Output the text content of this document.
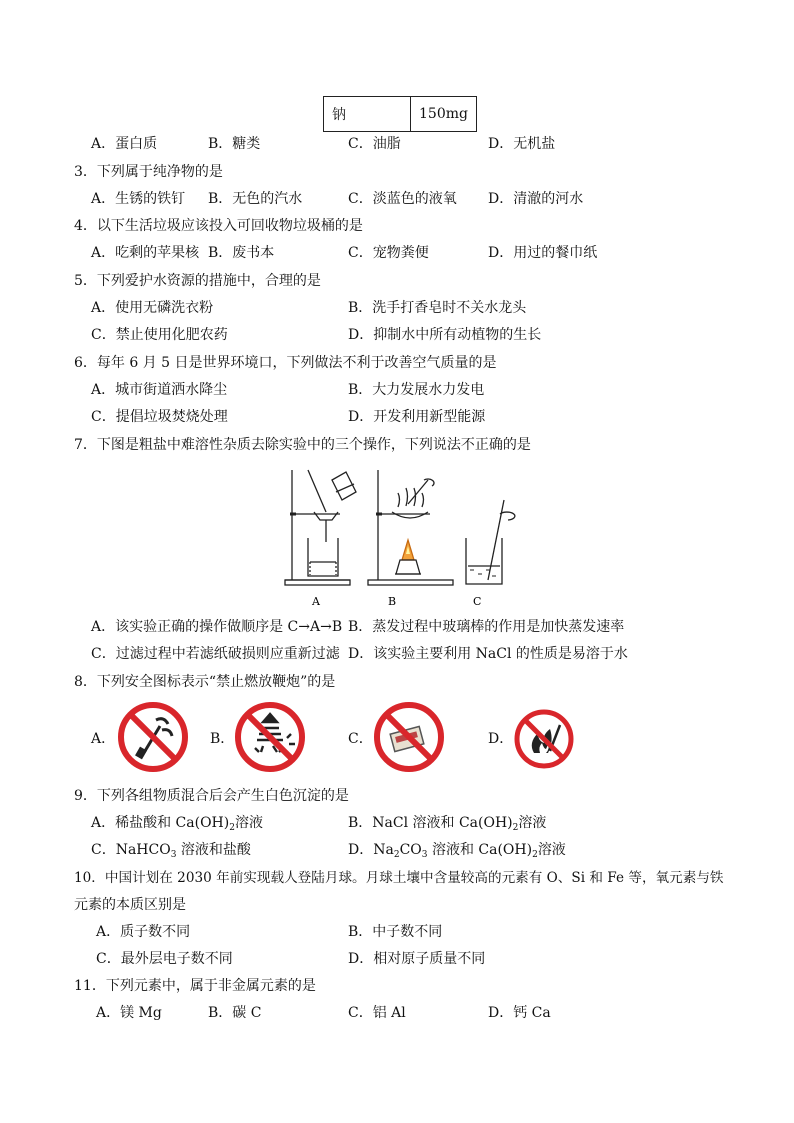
钠	150mg
A．蛋白质	B．糖类	C．油脂	D．无机盐
3．下列属于纯净物的是
A．生锈的铁钉 B．无色的汽水	C．淡蓝色的液氧 D．清澈的河水
4．以下生活垃圾应该投入可回收物垃圾桶的是
A．吃剩的苹果核 B．废书本	C．宠物粪便	D．用过的餐巾纸
5．下列爱护水资源的措施中，合理的是
A．使用无磷洗衣粉	B．洗手打香皂时不关水龙头
C．禁止使用化肥农药	D．抑制水中所有动植物的生长
6．每年 6 月 5 日是世界环境口，下列做法不利于改善空气质量的是
A．城市街道洒水降尘	B．大力发展水力发电
C．提倡垃圾焚烧处理	D．开发利用新型能源
7．下图是粗盐中难溶性杂质去除实验中的三个操作，下列说法不正确的是
A	B	C
A．该实验正确的操作做顺序是 C→A→B B．蒸发过程中玻璃棒的作用是加快蒸发速率
C．过滤过程中若滤纸破损则应重新过滤 D．该实验主要利用 NaCl 的性质是易溶于水
8．下列安全图标表示“禁止燃放鞭炮”的是
A．	B．	C．	D．
9．下列各组物质混合后会产生白色沉淀的是
A．稀盐酸和 $Ca(OH)_2$溶液	B．NaCl 溶液和 $Ca(OH)_2$溶液
C．NaHCO$_3$ 溶液和盐酸	D．$Na_2CO_3$ 溶液和 $Ca(OH)_2$溶液
10．中国计划在 2030 年前实现载人登陆月球。月球土壤中含量较高的元素有 O、Si 和 Fe 等，氧元素与铁
元素的本质区别是
A．质子数不同	B．中子数不同
C．最外层电子数不同	D．相对原子质量不同
11．下列元素中，属于非金属元素的是
A．镁 Mg	B．碳 C	C．铝 Al	D．钙 Ca
